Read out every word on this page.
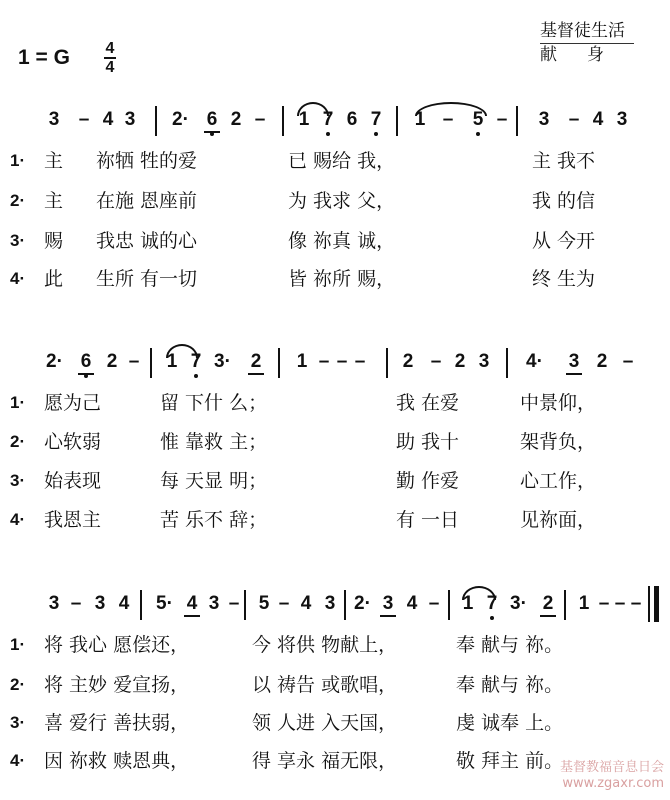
1 = G	4
4
基督徒生活
献身
3 – 4 3 2· 6 2 – 1 7 6 7 1 – 5 – 3 – 4 3
1 · 主 祢牺 牲的爱	已 赐给 我，	主 我不
2 · 主 在施 恩座前	为 我求 父，	我 的信
3 · 赐 我忠 诚的心	像 祢真 诚，	从 今开
4 · 此 生所 有一切	皆 祢所 赐，	终 生为
2· 6 2 – 1 7 3· 2 1 – – – 2 – 2 3 4· 3 2 –
1 · 愿为己	留 下什 么；	我 在爱	中景仰，
2 · 心软弱	惟 靠救 主；	助 我十	架背负，
3 · 始表现	每 天显 明；	勤 作爱	心工作，
4 · 我恩主	苦 乐不 辞；	有 一日	见祢面，
3 – 3 4 5· 4 3 – 5 – 4 3 2· 3 4 – 1 7 3· 2 1 – – –
1 · 将 我心 愿偿还，	今 将供 物献上，	奉 献与 祢。
2 · 将 主妙 爱宣扬，	以 祷告 或歌唱，	奉 献与 祢。
3 · 喜 爱行 善扶弱，	领 人进 入天国，	虔 诚奉 上。
4 · 因 祢救 赎恩典，	得 享永 福无限，	敬 拜主 前。
基督教福音息日会
www.zgaxr.com
